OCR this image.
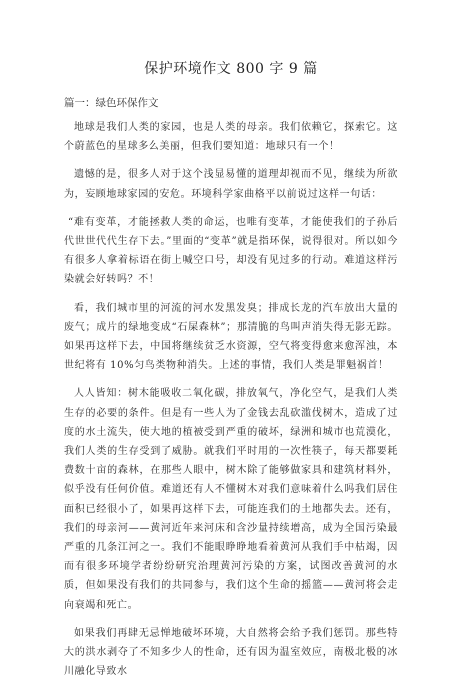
保护环境作文 800 字 9 篇
篇一：绿色环保作文

地球是我们人类的家园，也是人类的母亲。我们依赖它，探索它。这个蔚蓝色的星球多么美丽，但我们要知道：地球只有一个！

遗憾的是，很多人对于这个浅显易懂的道理却视而不见，继续为所欲为，妄顾地球家园的安危。环境科学家曲格平以前说过这样一句话：

“难有变革，才能拯救人类的命运，也唯有变革，才能使我们的子孙后代世世代代生存下去。”里面的“变革”就是指环保，说得很对。所以如今有很多人拿着标语在街上喊空口号，却没有见过多的行动。难道这样污染就会好转吗？不！

看，我们城市里的河流的河水发黑发臭；排成长龙的汽车放出大量的废气；成片的绿地变成“石屎森林”；那清脆的鸟叫声消失得无影无踪。如果再这样下去，中国将继续贫乏水资源，空气将变得愈来愈浑浊，本世纪将有 10%匀鸟类物种消失。上述的事情，我们人类是罪魁祸首！

人人皆知：树木能吸收二氧化碳，排放氧气，净化空气，是我们人类生存的必要的条件。但是有一些人为了金钱去乱砍滥伐树木，造成了过度的水土流失，使大地的植被受到严重的破坏，绿洲和城市也荒漠化，我们人类的生存受到了威胁。就我们平时用的一次性筷子，每天都要耗费数十亩的森林，在那些人眼中，树木除了能够做家具和建筑材料外，似乎没有任何价值。难道还有人不懂树木对我们意味着什么吗我们居住面积已经很小了，如果再这样下去，可能连我们的土地都失去。还有，我们的母亲河——黄河近年来河床和含沙量持续增高，成为全国污染最严重的几条江河之一。我们不能眼睁睁地看着黄河从我们手中枯竭，因而有很多环境学者纷纷研究治理黄河污染的方案，试图改善黄河的水质，但如果没有我们的共同参与，我们这个生命的摇篮——黄河将会走向衰竭和死亡。

如果我们再肆无忌惮地破坏环境，大自然将会给予我们惩罚。那些特大的洪水剥夺了不知多少人的性命，还有因为温室效应，南极北极的冰川融化导致水
